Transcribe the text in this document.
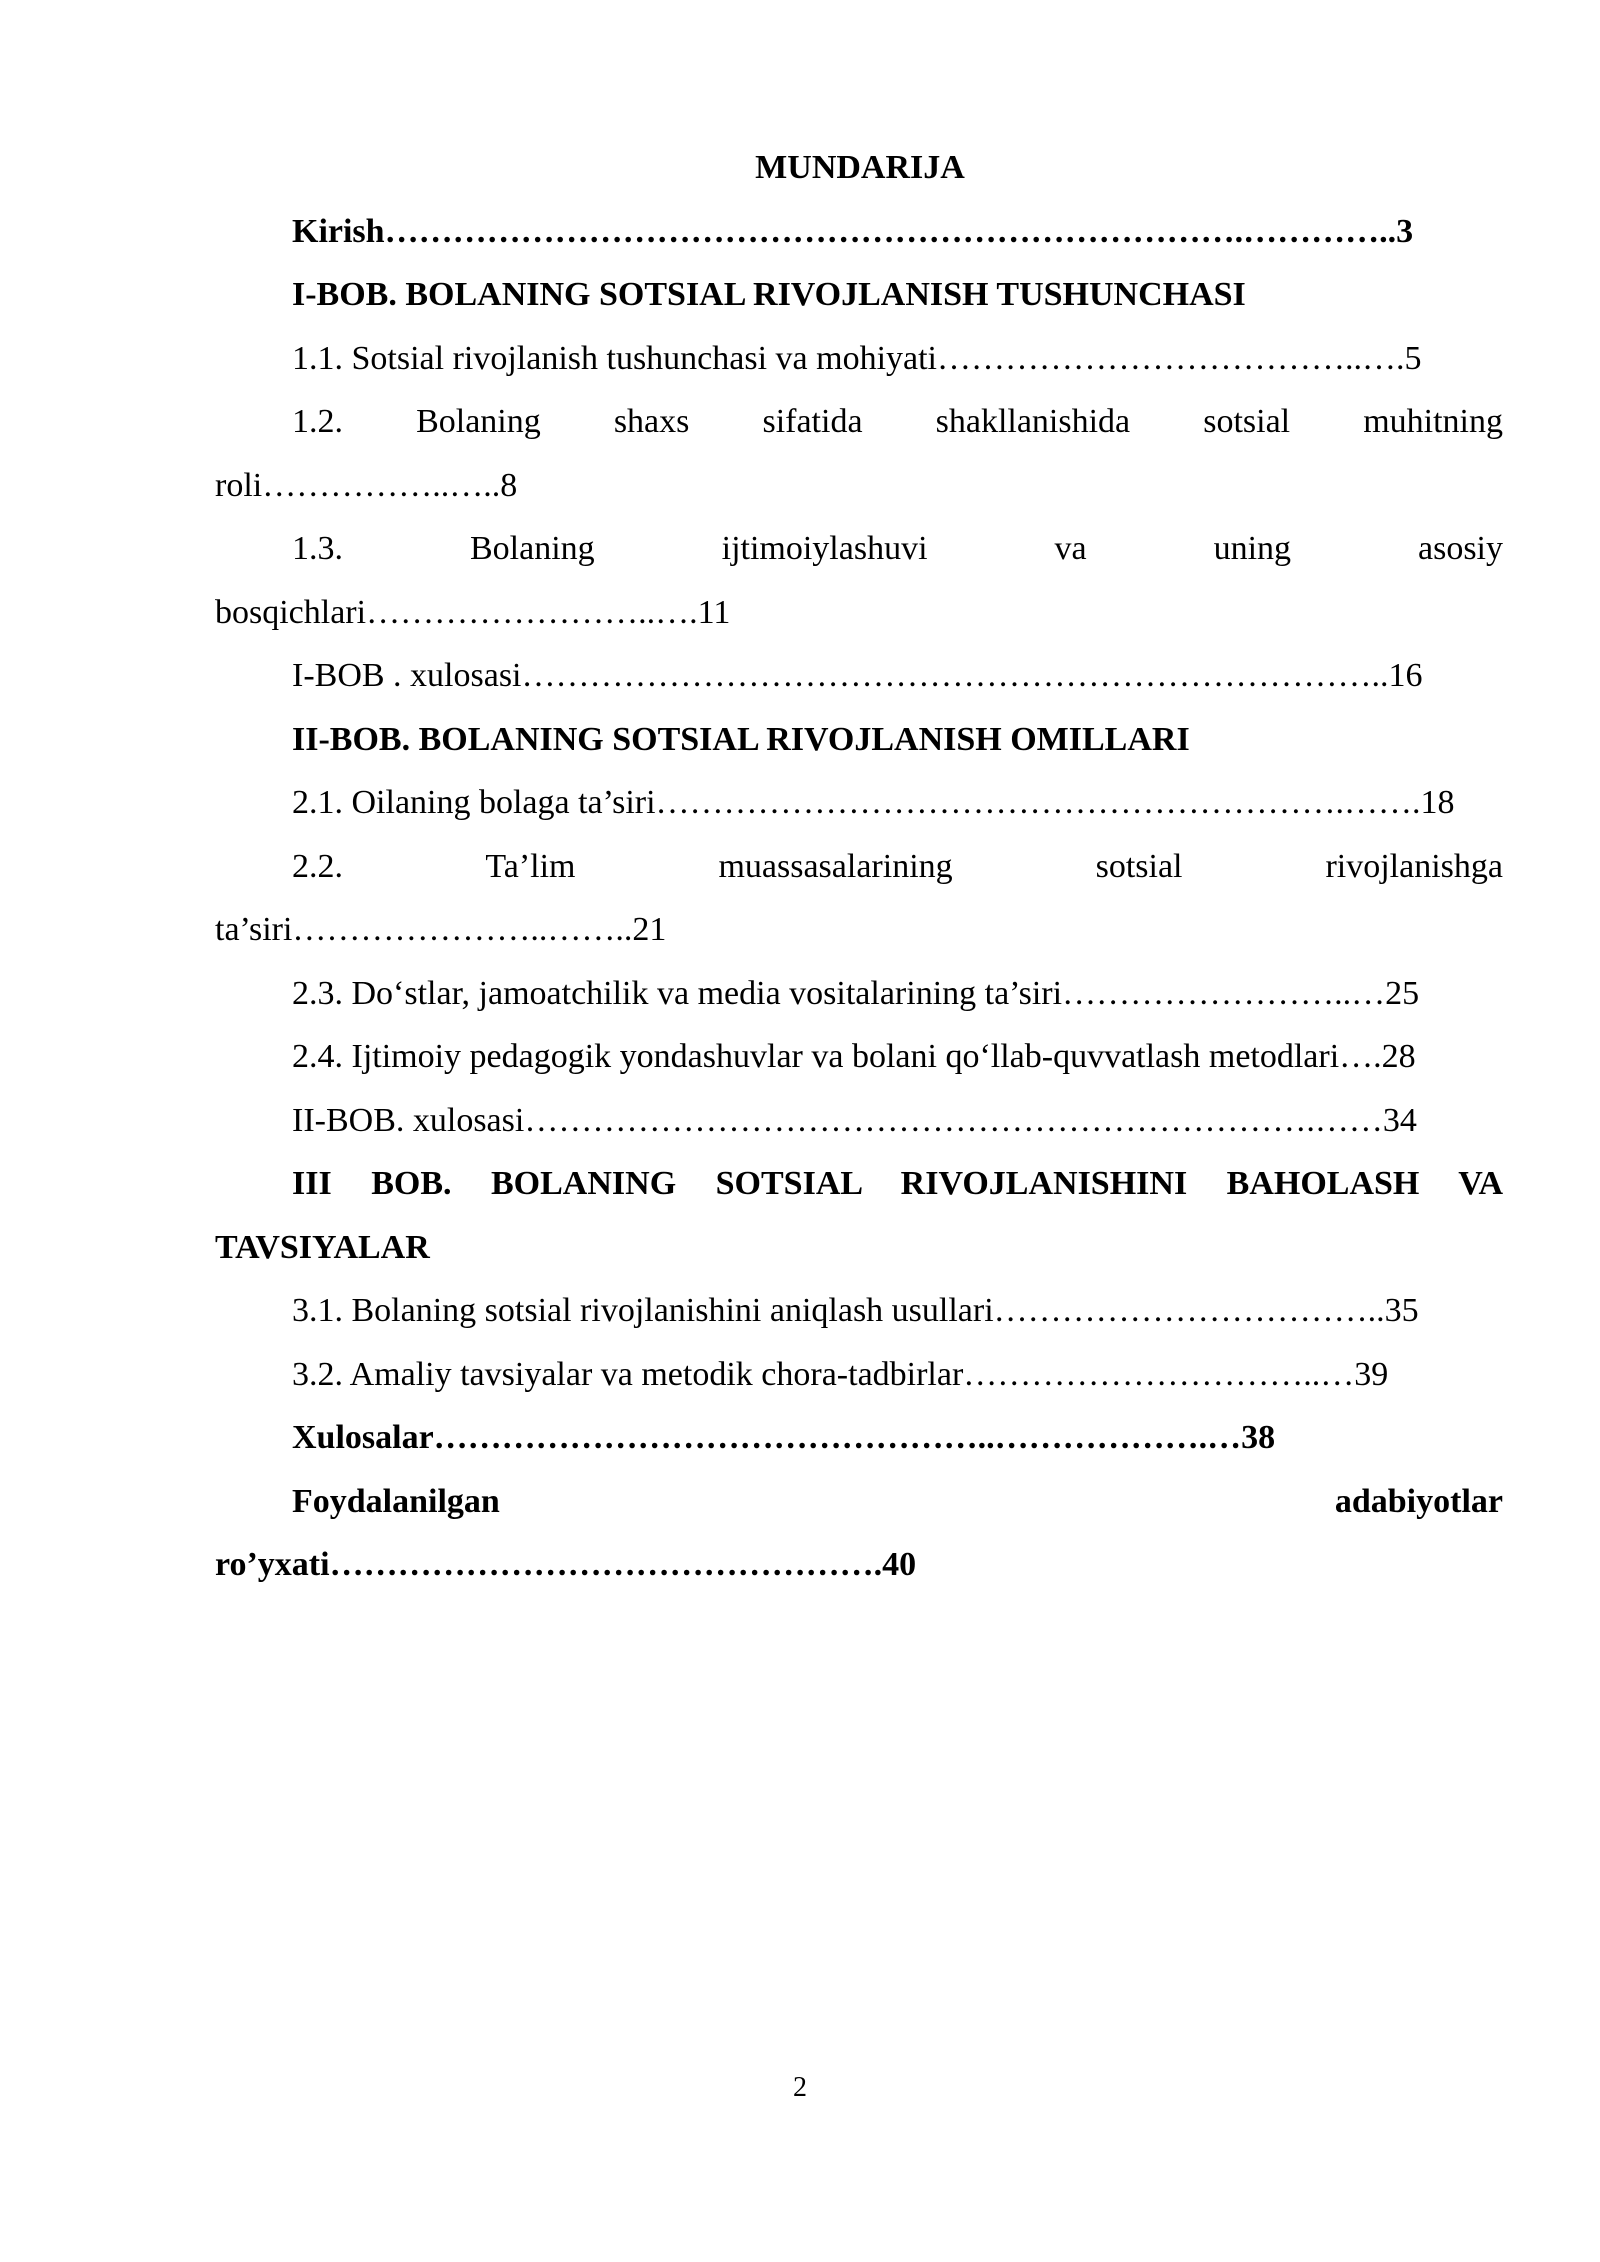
MUNDARIJA

Kirish………………………………………………………………….…………..3

I-BOB. BOLANING SOTSIAL RIVOJLANISH TUSHUNCHASI

1.1. Sotsial rivojlanish tushunchasi va mohiyati………………………………..….5

1.2. Bolaning shaxs sifatida shakllanishida sotsial muhitning
roli……………..…..8

1.3. Bolaning ijtimoiylashuvi va uning asosiy
bosqichlari……………………..….11

I-BOB . xulosasi…………………………………………………………………..16

II-BOB. BOLANING SOTSIAL RIVOJLANISH OMILLARI

2.1. Oilaning bolaga ta’siri…………………………………………………….…….18

2.2. Ta’lim muassasalarining sotsial rivojlanishga
ta’siri…………………..……..21

2.3. Do‘stlar, jamoatchilik va media vositalarining ta’siri……………………..…25

2.4. Ijtimoiy pedagogik yondashuvlar va bolani qo‘llab-quvvatlash metodlari….28

II-BOB. xulosasi…………………………………………………………….……34

III BOB. BOLANING SOTSIAL RIVOJLANISHINI BAHOLASH VA
TAVSIYALAR

3.1. Bolaning sotsial rivojlanishini aniqlash usullari……………………………..35

3.2. Amaliy tavsiyalar va metodik chora-tadbirlar…………………………..…39

Xulosalar…………………………………………..……………….…38

Foydalanilgan adabiyotlar
ro’yxati………………………………………….40

2
